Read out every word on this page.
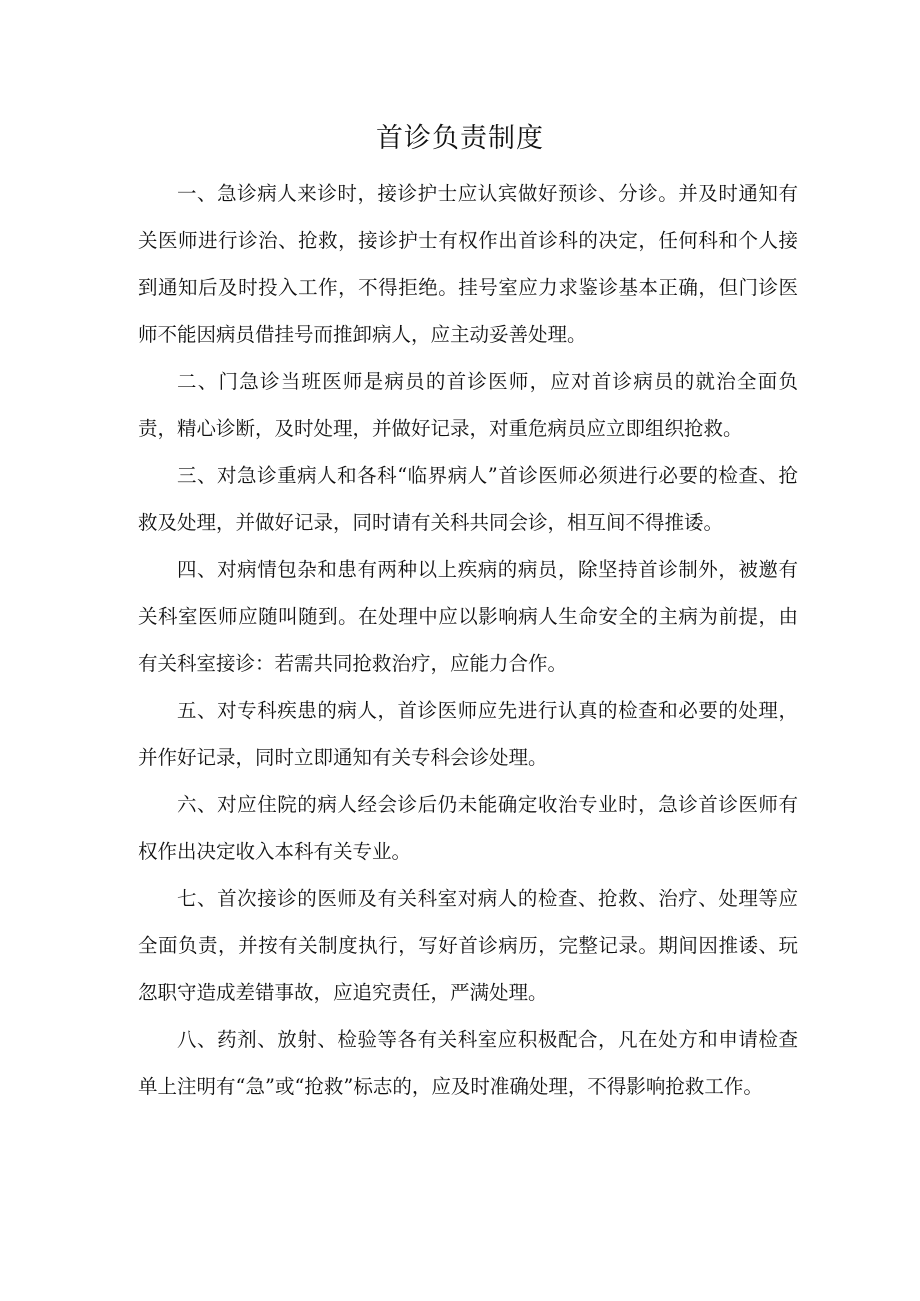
首诊负责制度

一、急诊病人来诊时，接诊护士应认宾做好预诊、分诊。并及时通知有关医师进行诊治、抢救，接诊护士有权作出首诊科的决定，任何科和个人接到通知后及时投入工作，不得拒绝。挂号室应力求鉴诊基本正确，但门诊医师不能因病员借挂号而推卸病人，应主动妥善处理。

二、门急诊当班医师是病员的首诊医师，应对首诊病员的就治全面负责，精心诊断，及时处理，并做好记录，对重危病员应立即组织抢救。

三、对急诊重病人和各科“临界病人”首诊医师必须进行必要的检查、抢救及处理，并做好记录，同时请有关科共同会诊，相互间不得推诿。

四、对病情包杂和患有两种以上疾病的病员，除坚持首诊制外，被邀有关科室医师应随叫随到。在处理中应以影响病人生命安全的主病为前提，由有关科室接诊：若需共同抢救治疗，应能力合作。

五、对专科疾患的病人，首诊医师应先进行认真的检查和必要的处理，并作好记录，同时立即通知有关专科会诊处理。

六、对应住院的病人经会诊后仍未能确定收治专业时，急诊首诊医师有权作出决定收入本科有关专业。

七、首次接诊的医师及有关科室对病人的检查、抢救、治疗、处理等应全面负责，并按有关制度执行，写好首诊病历，完整记录。期间因推诿、玩忽职守造成差错事故，应追究责任，严满处理。

八、药剂、放射、检验等各有关科室应积极配合，凡在处方和申请检查单上注明有“急”或“抢救”标志的，应及时准确处理，不得影响抢救工作。
